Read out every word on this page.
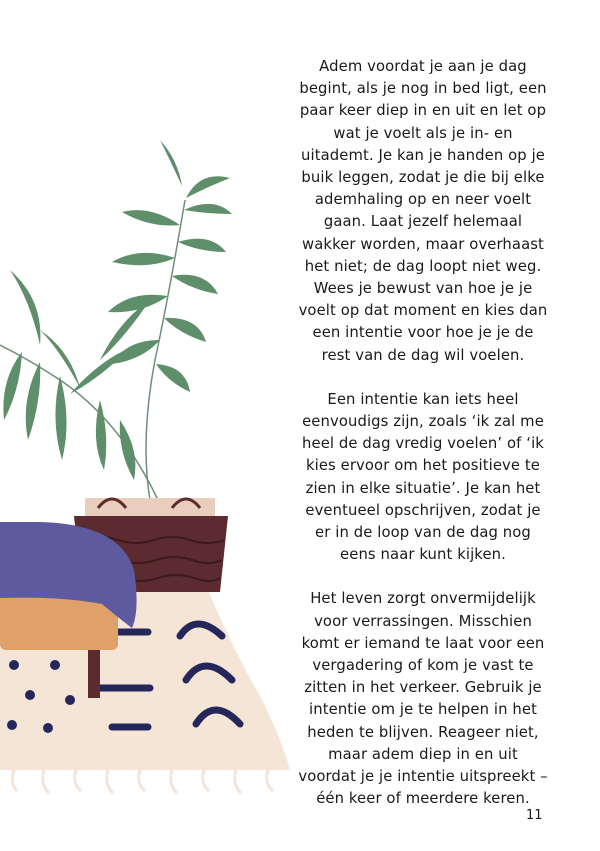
Adem voordat je aan je dag begint, als je nog in bed ligt, een paar keer diep in en uit en let op wat je voelt als je in- en uitademt. Je kan je handen op je buik leggen, zodat je die bij elke ademhaling op en neer voelt gaan. Laat jezelf helemaal wakker worden, maar overhaast het niet; de dag loopt niet weg. Wees je bewust van hoe je je voelt op dat moment en kies dan een intentie voor hoe je je de rest van de dag wil voelen.

Een intentie kan iets heel eenvoudigs zijn, zoals ‘ik zal me heel de dag vredig voelen’ of ‘ik kies ervoor om het positieve te zien in elke situatie’. Je kan het eventueel opschrijven, zodat je er in de loop van de dag nog eens naar kunt kijken.

Het leven zorgt onvermijdelijk voor verrassingen. Misschien komt er iemand te laat voor een vergadering of kom je vast te zitten in het verkeer. Gebruik je intentie om je te helpen in het heden te blijven. Reageer niet, maar adem diep in en uit voordat je je intentie uitspreekt – één keer of meerdere keren.

11
